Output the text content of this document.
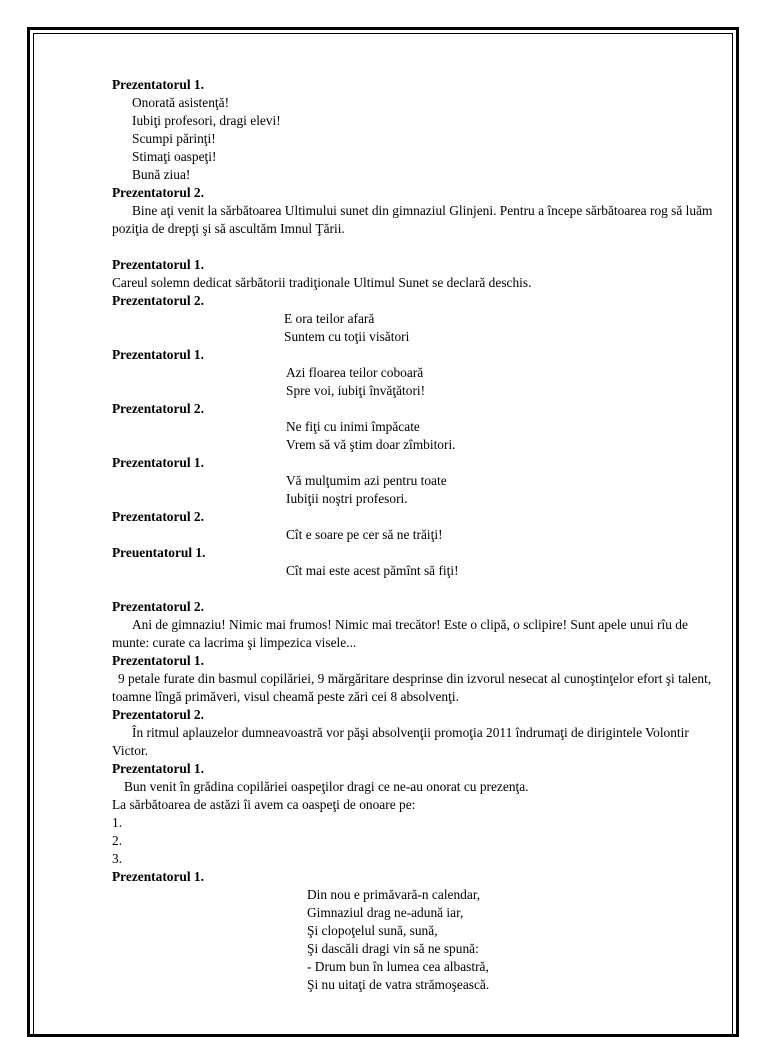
Prezentatorul 1.
Onorată asistenţă!
Iubiţi profesori, dragi elevi!
Scumpi părinţi!
Stimaţi oaspeţi!
Bună ziua!
Prezentatorul 2.
Bine aţi venit la sărbătoarea Ultimului sunet din gimnaziul Glinjeni. Pentru a începe sărbătoarea rog să luăm poziţia de drepţi şi să ascultăm Imnul Ţării.
Prezentatorul 1.
Careul solemn dedicat sărbătorii tradiţionale Ultimul Sunet se declară deschis.
Prezentatorul 2.
E ora teilor afară
Suntem cu toţii visători
Prezentatorul 1.
Azi floarea teilor coboară
Spre voi, iubiţi învăţători!
Prezentatorul 2.
Ne fiţi cu inimi împăcate
Vrem să vă ştim doar zîmbitori.
Prezentatorul 1.
Vă mulţumim azi pentru toate
Iubiţii noştri profesori.
Prezentatorul 2.
Cît e soare pe cer să ne trăiţi!
Preuentatorul 1.
Cît mai este acest pămînt să fiţi!
Prezentatorul 2.
Ani de gimnaziu! Nimic mai frumos! Nimic mai trecător! Este o clipă, o sclipire! Sunt apele unui rîu de munte: curate ca lacrima şi limpezica visele...
Prezentatorul 1.
9 petale furate din basmul copilăriei, 9 mărgăritare desprinse din izvorul nesecat al cunoştinţelor efort şi talent, toamne lîngă primăveri, visul cheamă peste zări cei 8 absolvenţi.
Prezentatorul 2.
În ritmul aplauzelor dumneavoastră vor păşi absolvenţii promoţia 2011 îndrumaţi de dirigintele Volontir Victor.
Prezentatorul 1.
Bun venit în grădina copilăriei oaspeţilor dragi ce ne-au onorat cu prezenţa.
La sărbătoarea de astăzi îi avem ca oaspeţi de onoare pe:
1.
2.
3.
Prezentatorul 1.
Din nou e primăvară-n calendar,
Gimnaziul drag ne-adună iar,
Şi clopoţelul sună, sună,
Şi dascăli dragi vin să ne spună:
- Drum bun în lumea cea albastră,
Şi nu uitaţi de vatra strămoşească.
